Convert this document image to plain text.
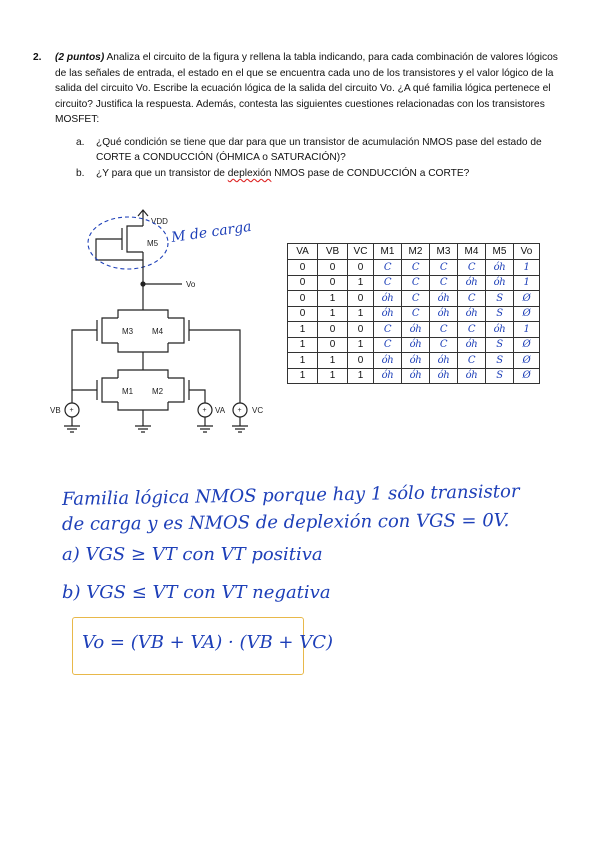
2. (2 puntos) Analiza el circuito de la figura y rellena la tabla indicando, para cada combinación de valores lógicos de las señales de entrada, el estado en el que se encuentra cada uno de los transistores y el valor lógico de la salida del circuito Vo. Escribe la ecuación lógica de la salida del circuito Vo. ¿A qué familia lógica pertenece el circuito? Justifica la respuesta. Además, contesta las siguientes cuestiones relacionadas con los transistores MOSFET:
a. ¿Qué condición se tiene que dar para que un transistor de acumulación NMOS pase del estado de
CORTE a CONDUCCIÓN (ÓHMICA o SATURACIÓN)?
b. ¿Y para que un transistor de deplexión NMOS pase de CONDUCCIÓN a CORTE?
VDD
M5 M de carga
Vo
M3 M4
M1 M2
+
VB	+ VA + VC
VA	VB	VC	M1	M2	M3	M4	M5	Vo
0	0	0	C	C	C	C	óh	1
0	0	1	C	C	C	óh	óh	1
0	1	0	óh	C	óh	C	S	Ø
0	1	1	óh	C	óh	óh	S	Ø
1	0	0	C	óh	C	C	óh	1
1	0	1	C	óh	C	óh	S	Ø
1	1	0	óh	óh	óh	C	S	Ø
1	1	1	óh	óh	óh	óh	S	Ø
Familia lógica NMOS porque hay 1 sólo transistor
de carga y es NMOS de deplexión con VGS = 0V.
a) VGS ≥ VT con VT positiva
b) VGS ≤ VT con VT negativa
Vo = (VB + VA) · (VB + VC)
